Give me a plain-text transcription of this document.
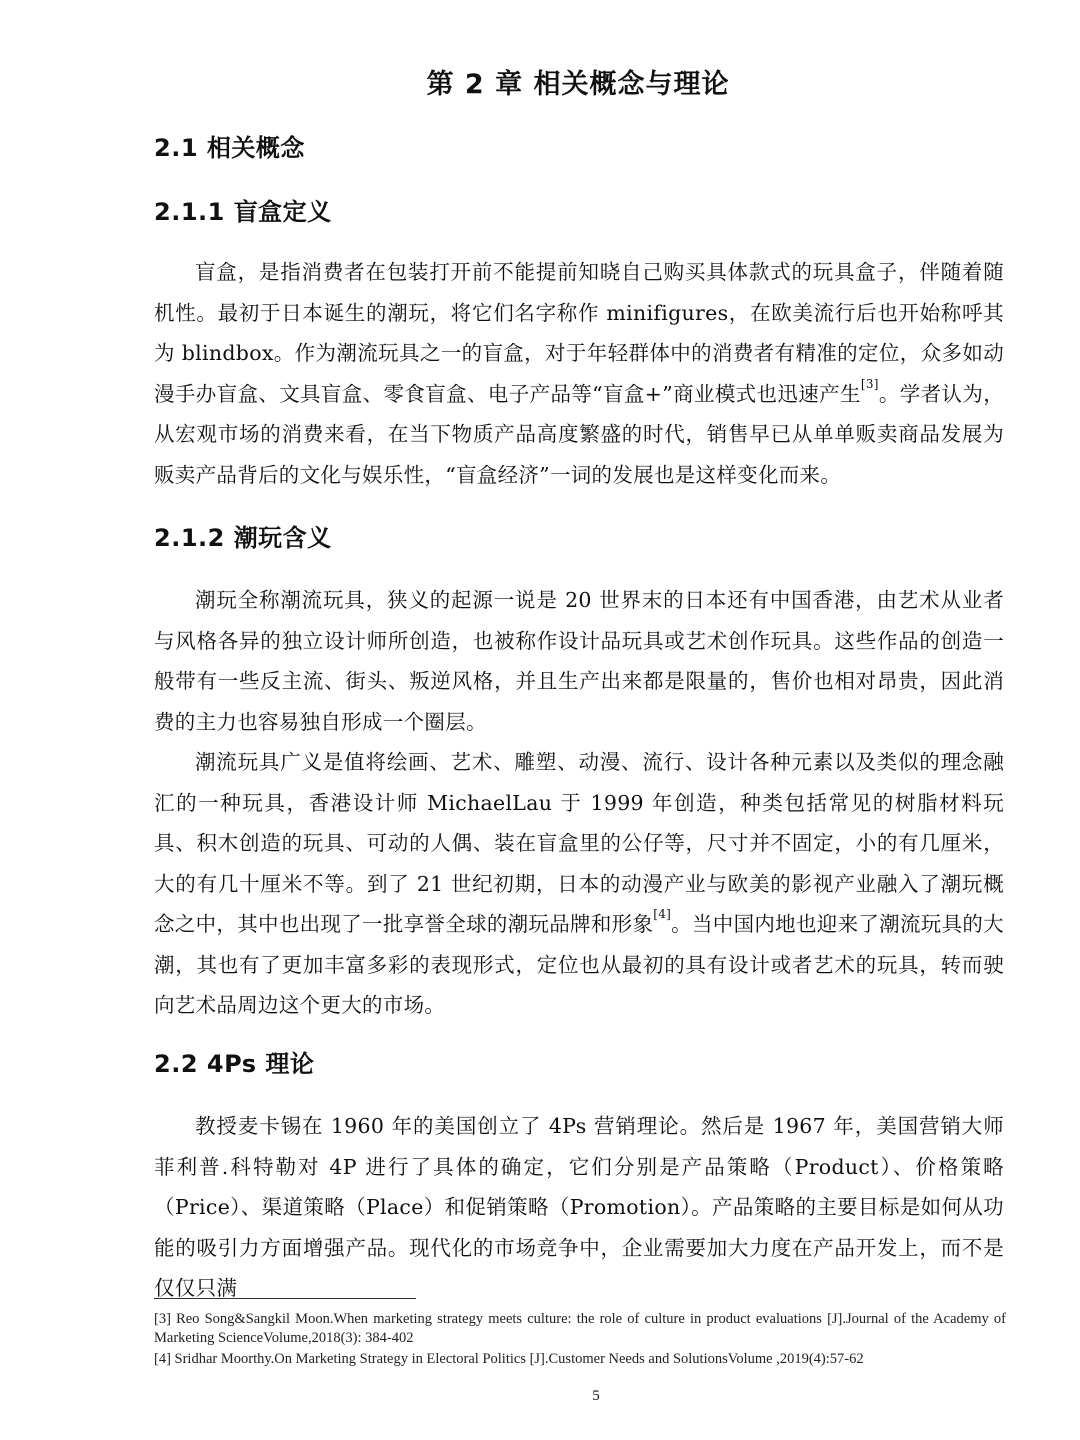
第 2 章 相关概念与理论
2.1 相关概念
2.1.1 盲盒定义
盲盒，是指消费者在包装打开前不能提前知晓自己购买具体款式的玩具盒子，伴随着随机性。最初于日本诞生的潮玩，将它们名字称作 minifigures，在欧美流行后也开始称呼其为 blindbox。作为潮流玩具之一的盲盒，对于年轻群体中的消费者有精准的定位，众多如动漫手办盲盒、文具盲盒、零食盲盒、电子产品等“盲盒+”商业模式也迅速产生[3]。学者认为，从宏观市场的消费来看，在当下物质产品高度繁盛的时代，销售早已从单单贩卖商品发展为贩卖产品背后的文化与娱乐性，“盲盒经济”一词的发展也是这样变化而来。
2.1.2 潮玩含义
潮玩全称潮流玩具，狭义的起源一说是 20 世界末的日本还有中国香港，由艺术从业者与风格各异的独立设计师所创造，也被称作设计品玩具或艺术创作玩具。这些作品的创造一般带有一些反主流、街头、叛逆风格，并且生产出来都是限量的，售价也相对昂贵，因此消费的主力也容易独自形成一个圈层。
潮流玩具广义是值将绘画、艺术、雕塑、动漫、流行、设计各种元素以及类似的理念融汇的一种玩具，香港设计师 MichaelLau 于 1999 年创造，种类包括常见的树脂材料玩具、积木创造的玩具、可动的人偶、装在盲盒里的公仔等，尺寸并不固定，小的有几厘米，大的有几十厘米不等。到了 21 世纪初期，日本的动漫产业与欧美的影视产业融入了潮玩概念之中，其中也出现了一批享誉全球的潮玩品牌和形象[4]。当中国内地也迎来了潮流玩具的大潮，其也有了更加丰富多彩的表现形式，定位也从最初的具有设计或者艺术的玩具，转而驶向艺术品周边这个更大的市场。
2.2 4Ps 理论
教授麦卡锡在 1960 年的美国创立了 4Ps 营销理论。然后是 1967 年，美国营销大师菲利普.科特勒对 4P 进行了具体的确定，它们分别是产品策略（Product）、价格策略（Price）、渠道策略（Place）和促销策略（Promotion）。产品策略的主要目标是如何从功能的吸引力方面增强产品。现代化的市场竞争中，企业需要加大力度在产品开发上，而不是仅仅只满
[3] Reo Song&Sangkil Moon.When marketing strategy meets culture: the role of culture in product evaluations [J].Journal of the Academy of Marketing ScienceVolume,2018(3): 384-402
[4] Sridhar Moorthy.On Marketing Strategy in Electoral Politics [J].Customer Needs and SolutionsVolume ,2019(4):57-62
5
